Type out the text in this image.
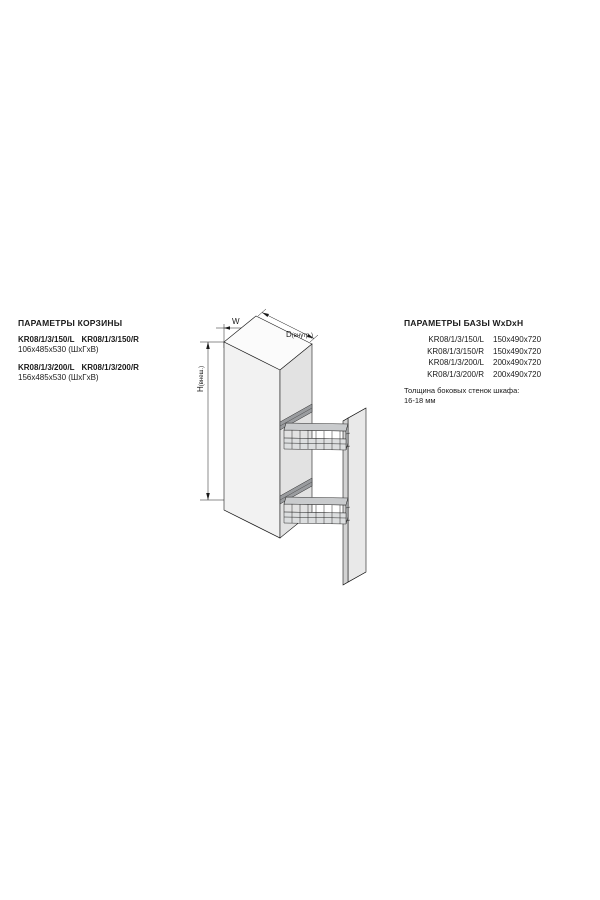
ПАРАМЕТРЫ КОРЗИНЫ
KR08/1/3/150/L KR08/1/3/150/R
106х485х530 (ШхГхВ)
KR08/1/3/200/L KR08/1/3/200/R
156х485х530 (ШхГхВ)
ПАРАМЕТРЫ БАЗЫ WxDxH
KR08/1/3/150/L	150х490х720
KR08/1/3/150/R	150х490х720
KR08/1/3/200/L	200х490х720
KR08/1/3/200/R	200х490х720
Толщина боковых стенок шкафа:
16-18 мм
W
D(внутр.)
H(внеш.)
